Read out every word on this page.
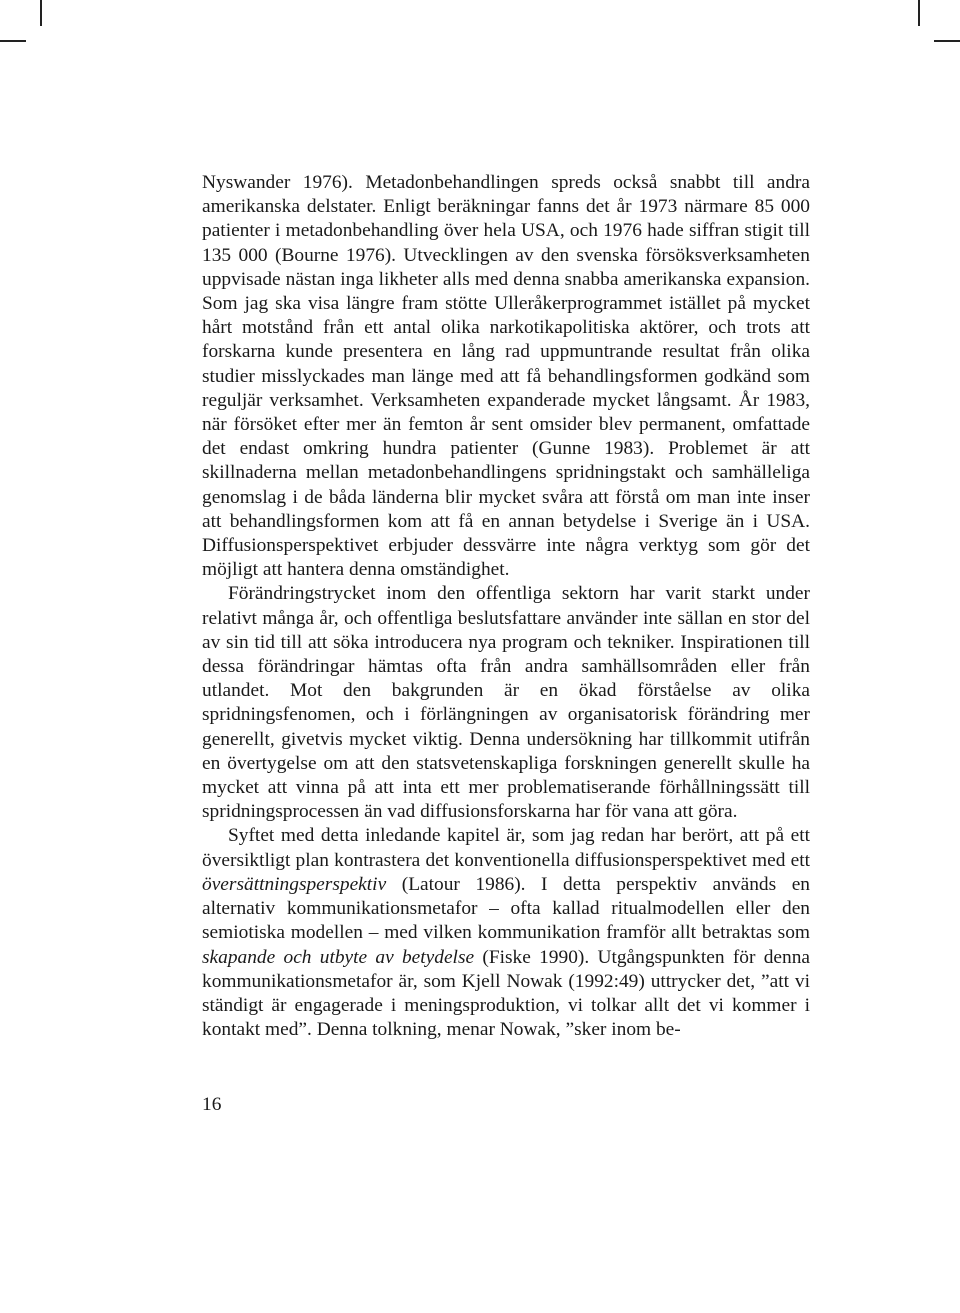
Nyswander 1976). Metadonbehandlingen spreds också snabbt till andra amerikanska delstater. Enligt beräkningar fanns det år 1973 närmare 85 000 patienter i metadonbehandling över hela USA, och 1976 hade siffran stigit till 135 000 (Bourne 1976). Utvecklingen av den svenska försöksverksamheten uppvisade nästan inga likheter alls med denna snabba amerikanska expansion. Som jag ska visa längre fram stötte Ulleråkerprogrammet istället på mycket hårt motstånd från ett antal olika narkotikapolitiska aktörer, och trots att forskarna kunde presentera en lång rad uppmuntrande resultat från olika studier misslyckades man länge med att få behandlingsformen godkänd som reguljär verksamhet. Verksamheten expanderade mycket långsamt. År 1983, när försöket efter mer än femton år sent omsider blev permanent, omfattade det endast omkring hundra patienter (Gunne 1983). Problemet är att skillnaderna mellan metadonbehandlingens spridningstakt och samhälleliga genomslag i de båda länderna blir mycket svåra att förstå om man inte inser att behandlingsformen kom att få en annan betydelse i Sverige än i USA. Diffusionsperspektivet erbjuder dessvärre inte några verktyg som gör det möjligt att hantera denna omständighet.

Förändringstrycket inom den offentliga sektorn har varit starkt under relativt många år, och offentliga beslutsfattare använder inte sällan en stor del av sin tid till att söka introducera nya program och tekniker. Inspirationen till dessa förändringar hämtas ofta från andra samhällsområden eller från utlandet. Mot den bakgrunden är en ökad förståelse av olika spridningsfenomen, och i förlängningen av organisatorisk förändring mer generellt, givetvis mycket viktig. Denna undersökning har tillkommit utifrån en övertygelse om att den statsvetenskapliga forskningen generellt skulle ha mycket att vinna på att inta ett mer problematiserande förhållningssätt till spridningsprocessen än vad diffusionsforskarna har för vana att göra.

Syftet med detta inledande kapitel är, som jag redan har berört, att på ett översiktligt plan kontrastera det konventionella diffusionsperspektivet med ett översättningsperspektiv (Latour 1986). I detta perspektiv används en alternativ kommunikationsmetafor – ofta kallad ritualmodellen eller den semiotiska modellen – med vilken kommunikation framför allt betraktas som skapande och utbyte av betydelse (Fiske 1990). Utgångspunkten för denna kommunikationsmetafor är, som Kjell Nowak (1992:49) uttrycker det, ”att vi ständigt är engagerade i meningsproduktion, vi tolkar allt det vi kommer i kontakt med”. Denna tolkning, menar Nowak, ”sker inom be-

16
